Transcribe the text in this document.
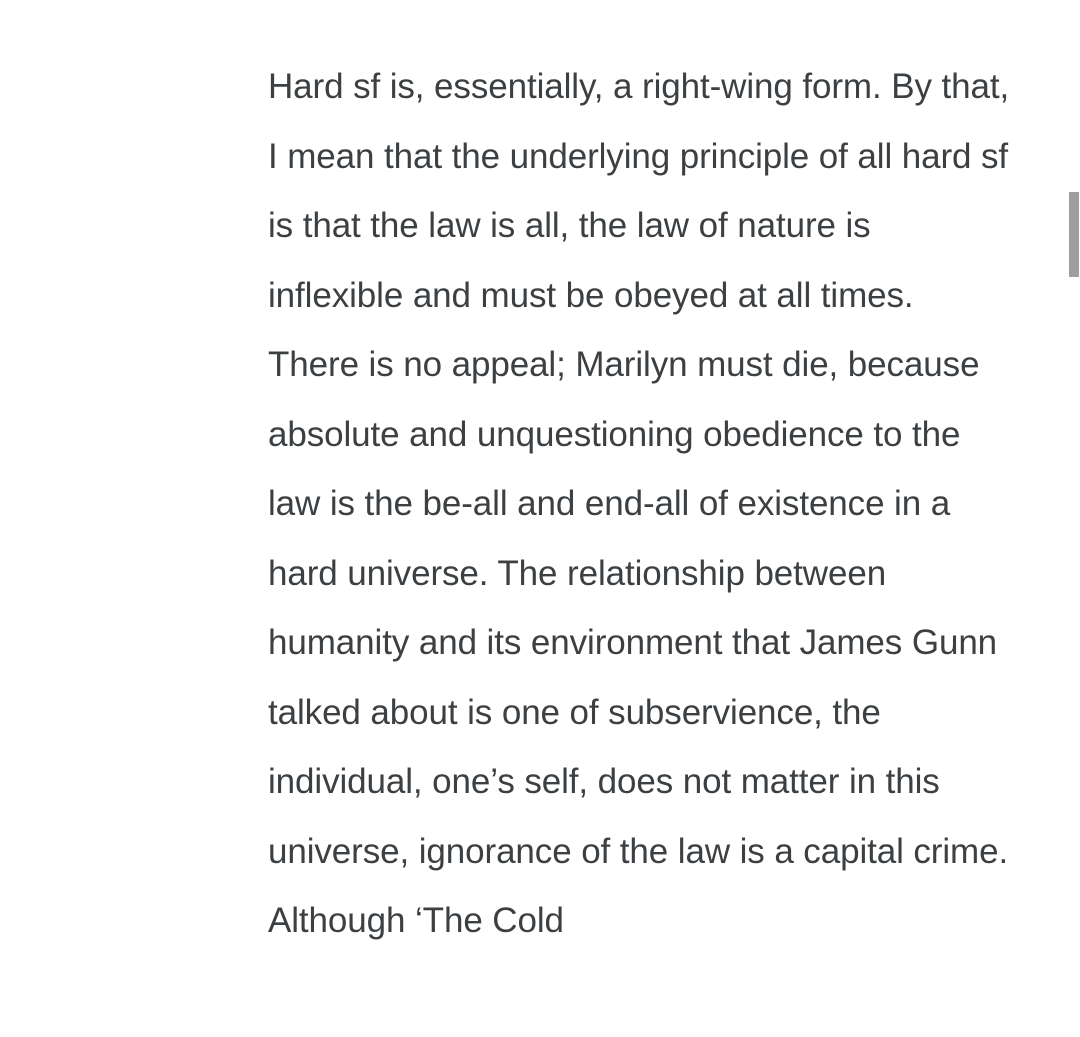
Hard sf is, essentially, a right-wing form. By that, I mean that the underlying principle of all hard sf is that the law is all, the law of nature is inflexible and must be obeyed at all times. There is no appeal; Marilyn must die, because absolute and unquestioning obedience to the law is the be-all and end-all of existence in a hard universe. The relationship between humanity and its environment that James Gunn talked about is one of subservience, the individual, one’s self, does not matter in this universe, ignorance of the law is a capital crime. Although ‘The Cold
